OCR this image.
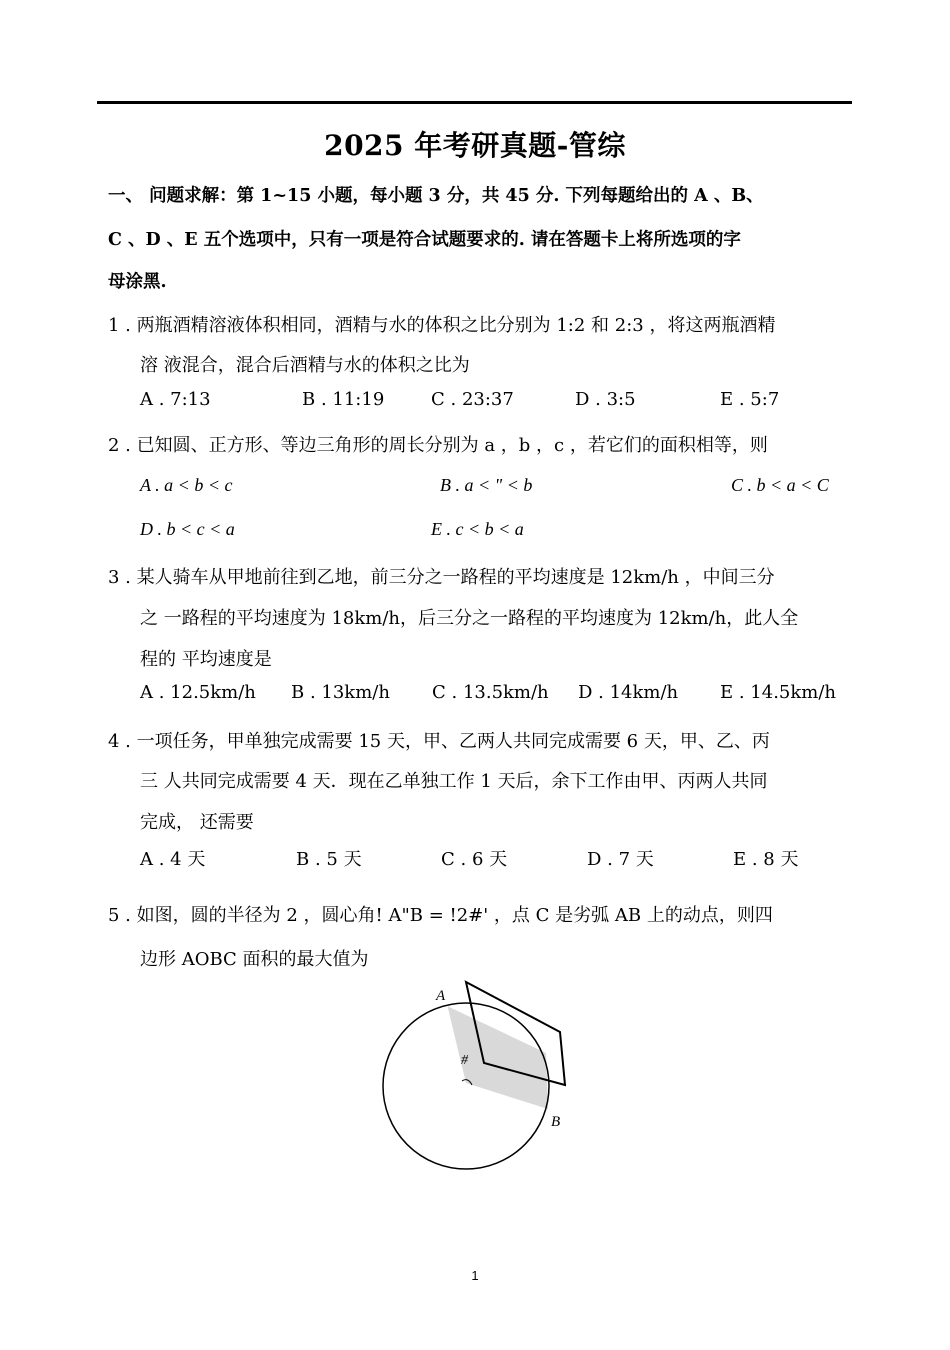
2025 年考研真题-管综
一、 问题求解：第 1~15 小题，每小题 3 分，共 45 分. 下列每题给出的 A 、B、
C 、D 、E 五个选项中，只有一项是符合试题要求的. 请在答题卡上将所选项的字
母涂黑.
1 . 两瓶酒精溶液体积相同，酒精与水的体积之比分别为 1:2 和 2:3 ，将这两瓶酒精
溶 液混合，混合后酒精与水的体积之比为
A . 7:13	B . 11:19	C . 23:37	D . 3:5	E . 5:7
2 . 已知圆、正方形、等边三角形的周长分别为 a ，b ，c ，若它们的面积相等，则
A . a < b < c	B . a < " < b	C . b < a < C
D . b < c < a	E . c < b < a
3 . 某人骑车从甲地前往到乙地，前三分之一路程的平均速度是 12km/h ，中间三分
之 一路程的平均速度为 18km/h，后三分之一路程的平均速度为 12km/h，此人全
程的 平均速度是
A . 12.5km/h B . 13km/h C . 13.5km/h D . 14km/h E . 14.5km/h
4 . 一项任务，甲单独完成需要 15 天，甲、乙两人共同完成需要 6 天，甲、乙、丙
三 人共同完成需要 4 天．现在乙单独工作 1 天后，余下工作由甲、丙两人共同
完成， 还需要
A . 4 天	B . 5 天	C . 6 天	D . 7 天	E . 8 天
5 . 如图，圆的半径为 2 ，圆心角! A"B = !2#' ，点 C 是劣弧 AB 上的动点，则四
边形 AOBC 面积的最大值为
A
#
B
1
